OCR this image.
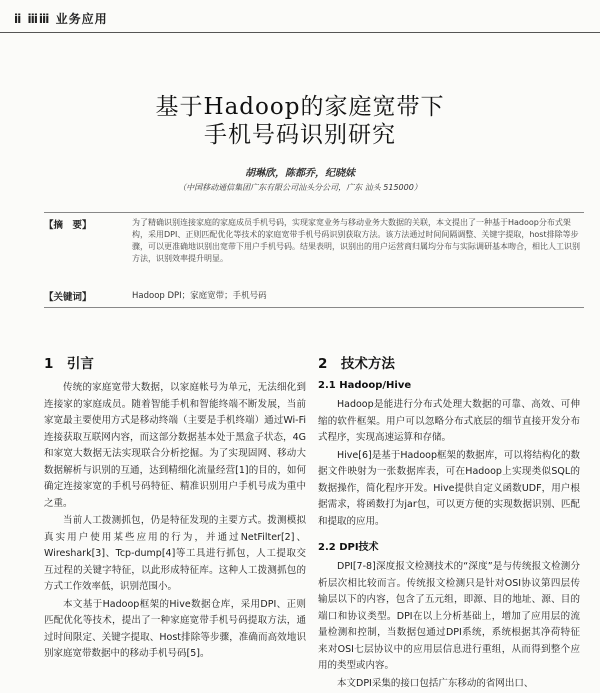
ⅱ ⅲⅲ 业务应用
基于Hadoop的家庭宽带下
手机号码识别研究
胡琳欣，陈都乔，纪晓妹
（中国移动通信集团广东有限公司汕头分公司，广东 汕头 515000）
【摘　要】	为了精确识别连接家庭的家庭成员手机号码，实现家宽业务与移动业务大数据的关联，本文提出了一种基于Hadoop分布式架构，采用DPI、正则匹配优化等技术的家庭宽带手机号码识别获取方法。该方法通过时间间隔调整、关键字提取，host排除等步骤，可以更准确地识别出宽带下用户手机号码。结果表明，识别出的用户运营商归属均分布与实际调研基本吻合，相比人工识别方法，识别效率提升明显。
【关键词】	Hadoop DPI；家庭宽带；手机号码
1　引言

传统的家庭宽带大数据，以家庭帐号为单元，无法细化到连接家的家庭成员。随着智能手机和智能终端不断发展，当前家宽最主要使用方式是移动终端（主要是手机终端）通过Wi-Fi连接获取互联网内容，而这部分数据基本处于黑盒子状态，4G和家宽大数据无法实现联合分析挖掘。为了实现固网、移动大数据解析与识别的互通，达到精细化流量经营[1]的目的，如何确定连接家宽的手机号码特征、精准识别用户手机号成为重中之重。

当前人工拨测抓包，仍是特征发现的主要方式。拨测模拟真实用户使用某些应用的行为，并通过NetFilter[2]、Wireshark[3]、Tcp-dump[4]等工具进行抓包，人工提取交互过程的关键字特征，以此形成特征库。这种人工拨测抓包的方式工作效率低，识别范围小。

本文基于Hadoop框架的Hive数据仓库，采用DPI、正则匹配优化等技术，提出了一种家庭宽带手机号码提取方法，通过时间限定、关键字提取、Host排除等步骤，准确而高效地识别家庭宽带数据中的移动手机号码[5]。

2　技术方法
2.1 Hadoop/Hive

Hadoop是能进行分布式处理大数据的可靠、高效、可伸缩的软件框架。用户可以忽略分布式底层的细节直接开发分布式程序，实现高速运算和存储。

Hive[6]是基于Hadoop框架的数据库，可以将结构化的数据文件映射为一张数据库表，可在Hadoop上实现类似SQL的数据操作，简化程序开发。Hive提供自定义函数UDF，用户根据需求，将函数打为jar包，可以更方便的实现数据识别、匹配和提取的应用。

2.2 DPI技术

DPI[7-8]深度报文检测技术的“深度”是与传统报文检测分析层次相比较而言。传统报文检测只是针对OSI协议第四层传输层以下的内容，包含了五元组，即源、目的地址、源、目的端口和协议类型。DPI在以上分析基础上，增加了应用层的流量检测和控制，当数据包通过DPI系统，系统根据其净荷特征来对OSI七层协议中的应用层信息进行重组，从而得到整个应用的类型或内容。

本文DPI采集的接口包括广东移动的省网出口、
